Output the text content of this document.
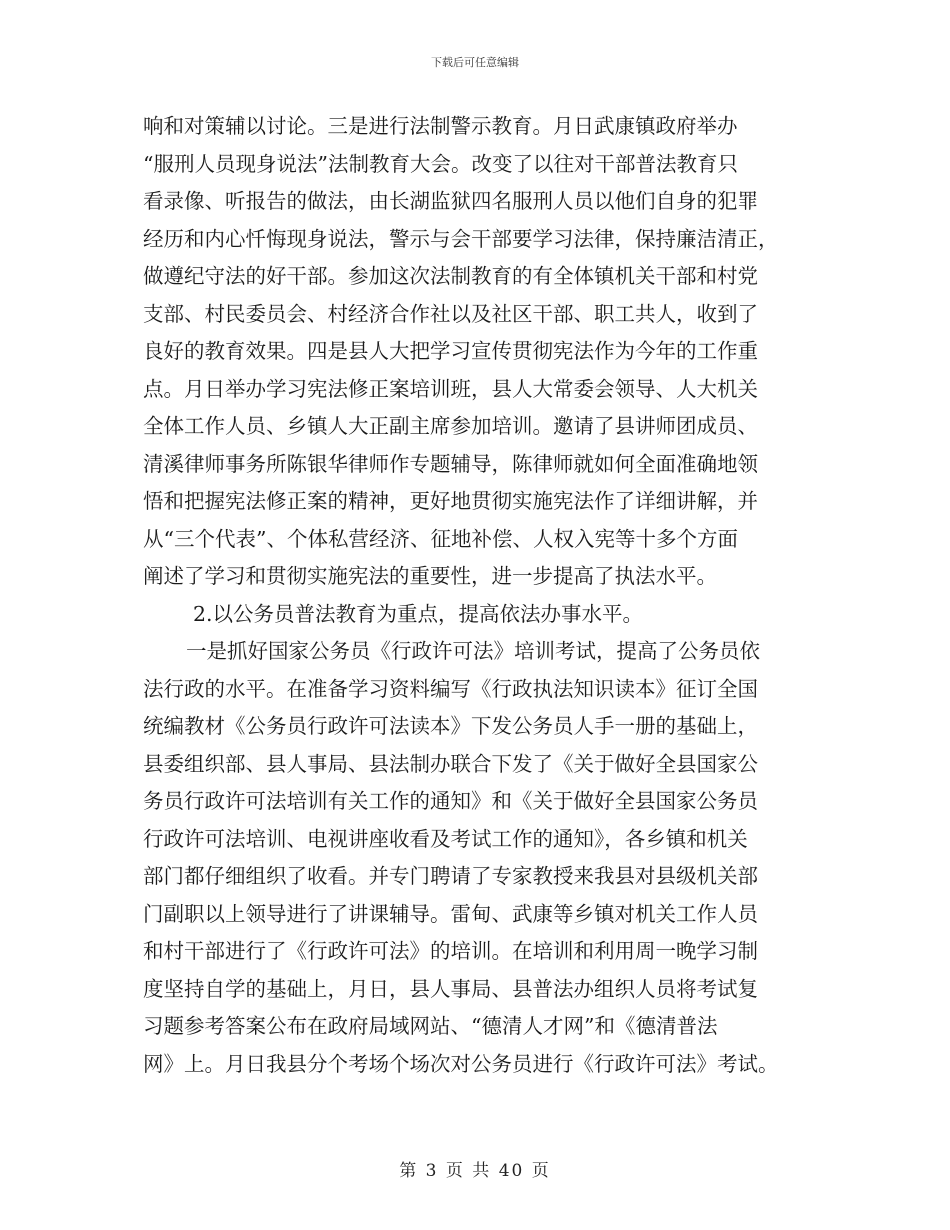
下载后可任意编辑
响和对策辅以讨论。三是进行法制警示教育。月日武康镇政府举办
“服刑人员现身说法”法制教育大会。改变了以往对干部普法教育只
看录像、听报告的做法，由长湖监狱四名服刑人员以他们自身的犯罪
经历和内心忏悔现身说法，警示与会干部要学习法律，保持廉洁清正，
做遵纪守法的好干部。参加这次法制教育的有全体镇机关干部和村党
支部、村民委员会、村经济合作社以及社区干部、职工共人，收到了
良好的教育效果。四是县人大把学习宣传贯彻宪法作为今年的工作重
点。月日举办学习宪法修正案培训班，县人大常委会领导、人大机关
全体工作人员、乡镇人大正副主席参加培训。邀请了县讲师团成员、
清溪律师事务所陈银华律师作专题辅导，陈律师就如何全面准确地领
悟和把握宪法修正案的精神，更好地贯彻实施宪法作了详细讲解，并
从“三个代表”、个体私营经济、征地补偿、人权入宪等十多个方面
阐述了学习和贯彻实施宪法的重要性，进一步提高了执法水平。
2.以公务员普法教育为重点，提高依法办事水平。
一是抓好国家公务员《行政许可法》培训考试，提高了公务员依
法行政的水平。在准备学习资料编写《行政执法知识读本》征订全国
统编教材《公务员行政许可法读本》下发公务员人手一册的基础上，
县委组织部、县人事局、县法制办联合下发了《关于做好全县国家公
务员行政许可法培训有关工作的通知》和《关于做好全县国家公务员
行政许可法培训、电视讲座收看及考试工作的通知》，各乡镇和机关
部门都仔细组织了收看。并专门聘请了专家教授来我县对县级机关部
门副职以上领导进行了讲课辅导。雷甸、武康等乡镇对机关工作人员
和村干部进行了《行政许可法》的培训。在培训和利用周一晚学习制
度坚持自学的基础上，月日，县人事局、县普法办组织人员将考试复
习题参考答案公布在政府局域网站、“德清人才网”和《德清普法
网》上。月日我县分个考场个场次对公务员进行《行政许可法》考试。
第 3 页 共 40 页
